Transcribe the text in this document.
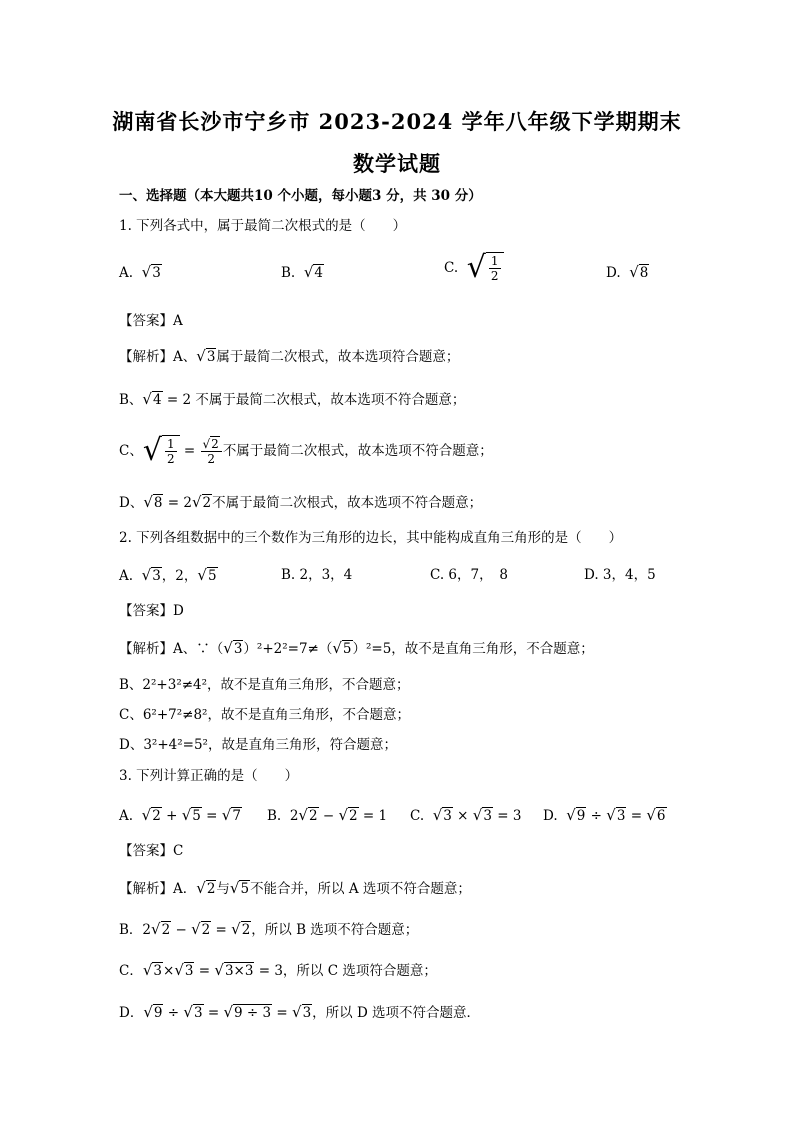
湖南省长沙市宁乡市 2023-2024 学年八年级下学期期末
数学试题
一、选择题（本大题共10 个小题，每小题3 分，共 30 分）
1. 下列各式中，属于最简二次根式的是（　　）
A. √3	B. √4	C. √ $\frac{1}{2}$	D. √8
【答案】A
【解析】A、√3属于最简二次根式，故本选项符合题意；
B、√4 = 2 不属于最简二次根式，故本选项不符合题意；
C、 √ $\frac{1}{2} = \frac{√2}{2}$ 不属于最简二次根式，故本选项不符合题意；
D、√8 = 2√2不属于最简二次根式，故本选项不符合题意；
2. 下列各组数据中的三个数作为三角形的边长，其中能构成直角三角形的是（　　）
A. √3，2，√5	B. 2，3，4	C. 6，7，　8	D. 3，4，5
【答案】D
【解析】A、∵（√3）²+2²=7≠（√5）²=5，故不是直角三角形，不合题意；
B、2²+3²≠4²，故不是直角三角形，不合题意；
C、6²+7²≠8²，故不是直角三角形，不合题意；
D、3²+4²=5²，故是直角三角形，符合题意；
3. 下列计算正确的是（　　）
A. √2 + √5 = √7 B. 2√2 − √2 = 1 C. √3 × √3 = 3 D. √9 ÷ √3 = √6
【答案】C
【解析】A．√2与√5不能合并，所以 A 选项不符合题意；
B．2√2 − √2 = √2，所以 B 选项不符合题意；
C．√3×√3 = √3×3 = 3，所以 C 选项符合题意；
D．√9 ÷ √3 = √9 ÷ 3 = √3，所以 D 选项不符合题意．
